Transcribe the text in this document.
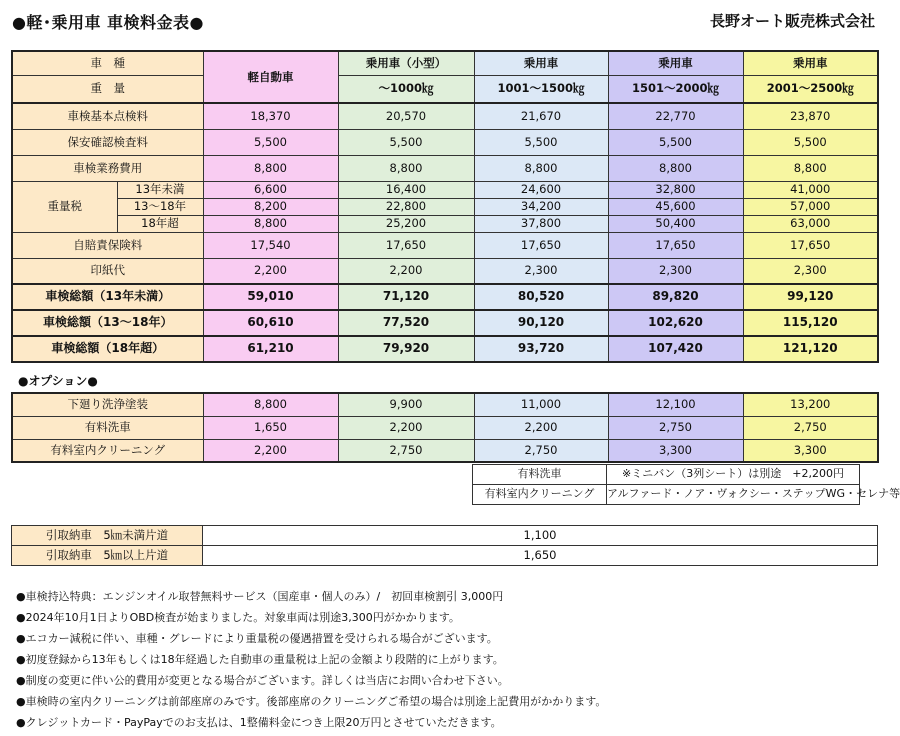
●軽･乗用車 車検料金表●	長野オート販売株式会社
車　種		軽自動車	乗用車（小型）	乗用車	乗用車	乗用車
重　量			～1000㎏	1001～1500㎏	1501～2000㎏	2001～2500㎏
車検基本点検料		18,370	20,570	21,670	22,770	23,870
保安確認検査料		5,500	5,500	5,500	5,500	5,500
車検業務費用		8,800	8,800	8,800	8,800	8,800
重量税	13年未満	6,600	16,400	24,600	32,800	41,000
	13～18年	8,200	22,800	34,200	45,600	57,000
	18年超	8,800	25,200	37,800	50,400	63,000
自賠責保険料		17,540	17,650	17,650	17,650	17,650
印紙代		2,200	2,200	2,300	2,300	2,300
車検総額（13年未満）		59,010	71,120	80,520	89,820	99,120
車検総額（13～18年）		60,610	77,520	90,120	102,620	115,120
車検総額（18年超）		61,210	79,920	93,720	107,420	121,120
●オプション●
下廻り洗浄塗装	8,800	9,900	11,000	12,100	13,200
有料洗車	1,650	2,200	2,200	2,750	2,750
有料室内クリーニング	2,200	2,750	2,750	3,300	3,300
有料洗車	※ミニバン（3列シート）は別途　+2,200円
有料室内クリーニング	アルファード・ノア・ヴォクシー・ステップWG・セレナ等
引取納車　5㎞未満片道	1,100
引取納車　5㎞以上片道	1,650
●車検持込特典：エンジンオイル取替無料サービス（国産車・個人のみ）/　初回車検割引 3,000円
●2024年10月1日よりOBD検査が始まりました。対象車両は別途3,300円がかかります。
●エコカー減税に伴い、車種・グレードにより重量税の優遇措置を受けられる場合がございます。
●初度登録から13年もしくは18年経過した自動車の重量税は上記の金額より段階的に上がります。
●制度の変更に伴い公的費用が変更となる場合がございます。詳しくは当店にお問い合わせ下さい。
●車検時の室内クリーニングは前部座席のみです。後部座席のクリーニングご希望の場合は別途上記費用がかかります。
●クレジットカード・PayPayでのお支払は、1整備料金につき上限20万円とさせていただきます。
